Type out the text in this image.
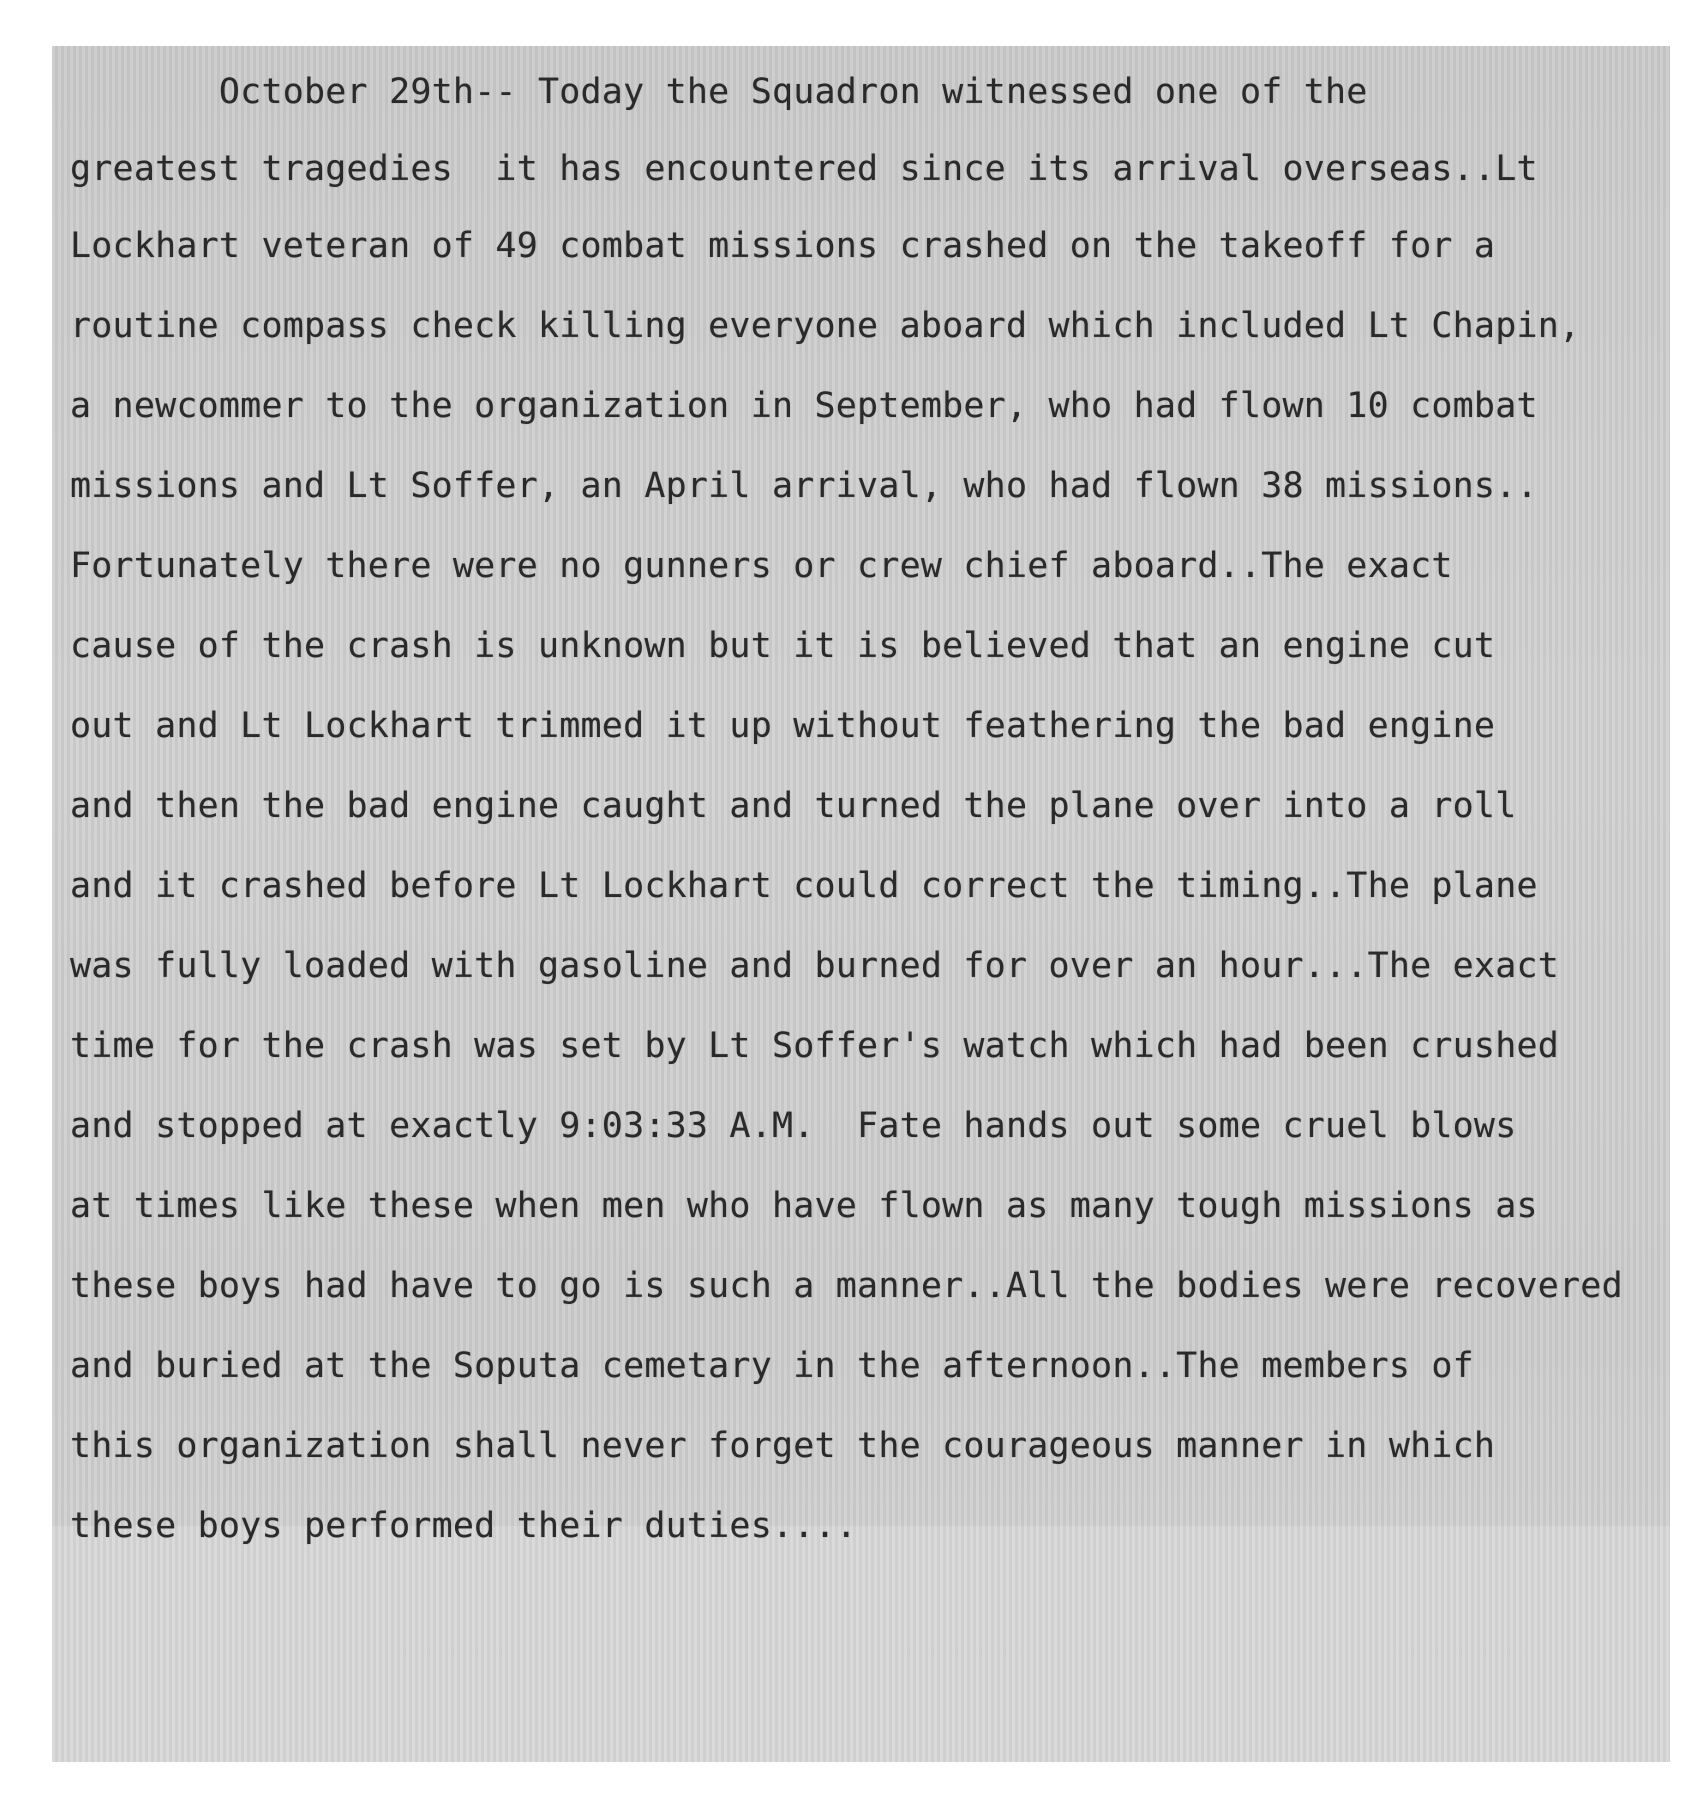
October 29th-- Today the Squadron witnessed one of the

greatest tragedies  it has encountered since its arrival overseas..Lt

Lockhart veteran of 49 combat missions crashed on the takeoff for a

routine compass check killing everyone aboard which included Lt Chapin,

a newcommer to the organization in September, who had flown 10 combat

missions and Lt Soffer, an April arrival, who had flown 38 missions..

Fortunately there were no gunners or crew chief aboard..The exact

cause of the crash is unknown but it is believed that an engine cut

out and Lt Lockhart trimmed it up without feathering the bad engine

and then the bad engine caught and turned the plane over into a roll

and it crashed before Lt Lockhart could correct the timing..The plane

was fully loaded with gasoline and burned for over an hour...The exact

time for the crash was set by Lt Soffer's watch which had been crushed

and stopped at exactly 9:03:33 A.M.  Fate hands out some cruel blows

at times like these when men who have flown as many tough missions as

these boys had have to go is such a manner..All the bodies were recovered

and buried at the Soputa cemetary in the afternoon..The members of

this organization shall never forget the courageous manner in which

these boys performed their duties....
